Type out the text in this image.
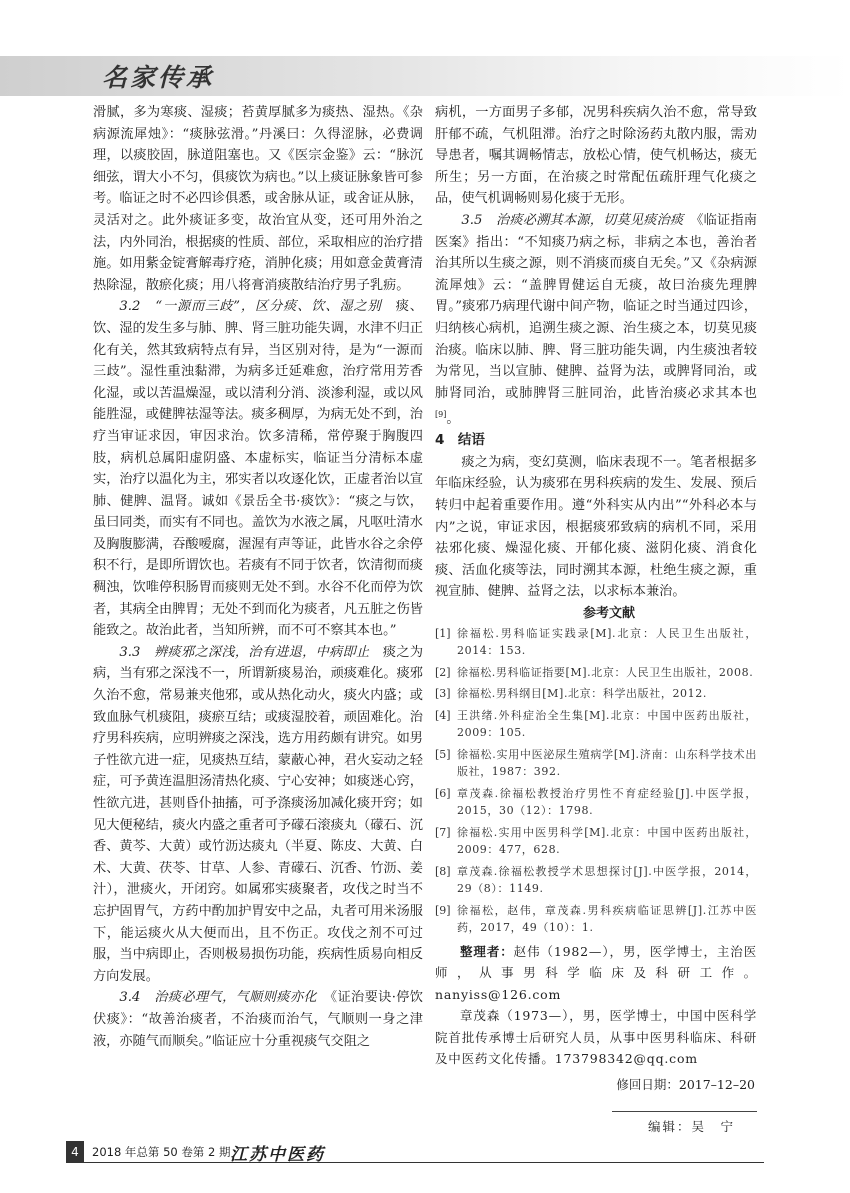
名家传承

滑腻，多为寒痰、湿痰；苔黄厚腻多为痰热、湿热。《杂病源流犀烛》：“痰脉弦滑。”丹溪曰：久得涩脉，必费调理，以痰胶固，脉道阻塞也。又《医宗金鉴》云：“脉沉细弦，谓大小不匀，俱痰饮为病也。”以上痰证脉象皆可参考。临证之时不必四诊俱悉，或舍脉从证，或舍证从脉，灵活对之。此外痰证多变，故治宜从变，还可用外治之法，内外同治，根据痰的性质、部位，采取相应的治疗措施。如用紫金锭膏解毒疗疮，消肿化痰；用如意金黄膏清热除湿，散瘀化痰；用八将膏消痰散结治疗男子乳疬。

3.2　“一源而三歧”，区分痰、饮、湿之别　 痰、饮、湿的发生多与肺、脾、肾三脏功能失调，水津不归正化有关，然其致病特点有异，当区别对待，是为“一源而三歧”。湿性重浊黏滞，为病多迁延难愈，治疗常用芳香化湿，或以苦温燥湿，或以清利分消、淡渗利湿，或以风能胜湿，或健脾祛湿等法。痰多稠厚，为病无处不到，治疗当审证求因，审因求治。饮多清稀，常停聚于胸腹四肢，病机总属阳虚阴盛、本虚标实，临证当分清标本虚实，治疗以温化为主，邪实者以攻逐化饮，正虚者治以宣肺、健脾、温肾。诚如《景岳全书·痰饮》：“痰之与饮，虽曰同类，而实有不同也。盖饮为水液之属，凡呕吐清水及胸腹膨满，吞酸嗳腐，渥渥有声等证，此皆水谷之余停积不行，是即所谓饮也。若痰有不同于饮者，饮清彻而痰稠浊，饮唯停积肠胃而痰则无处不到。水谷不化而停为饮者，其病全由脾胃；无处不到而化为痰者，凡五脏之伤皆能致之。故治此者，当知所辨，而不可不察其本也。”

3.3　辨痰邪之深浅，治有进退，中病即止　 痰之为病，当有邪之深浅不一，所谓新痰易治，顽痰难化。痰邪久治不愈，常易兼夹他邪，或从热化动火，痰火内盛；或致血脉气机痰阻，痰瘀互结；或痰湿胶着，顽固难化。治疗男科疾病，应明辨痰之深浅，选方用药颇有讲究。如男子性欲亢进一症，见痰热互结，蒙蔽心神，君火妄动之轻症，可予黄连温胆汤清热化痰、宁心安神；如痰迷心窍，性欲亢进，甚则昏仆抽搐，可予涤痰汤加减化痰开窍；如见大便秘结，痰火内盛之重者可予礞石滚痰丸（礞石、沉香、黄芩、大黄）或竹沥达痰丸（半夏、陈皮、大黄、白术、大黄、茯苓、甘草、人参、青礞石、沉香、竹沥、姜汁），泄痰火，开闭窍。如属邪实痰聚者，攻伐之时当不忘护固胃气，方药中酌加护胃安中之品，丸者可用米汤服下，能运痰火从大便而出，且不伤正。攻伐之剂不可过服，当中病即止，否则极易损伤功能，疾病性质易向相反方向发展。

3.4　治痰必理气，气顺则痰亦化　 《证治要诀·停饮伏痰》：“故善治痰者，不治痰而治气，气顺则一身之津液，亦随气而顺矣。”临证应十分重视痰气交阻之

病机，一方面男子多郁，况男科疾病久治不愈，常导致肝郁不疏，气机阻滞。治疗之时除汤药丸散内服，需劝导患者，嘱其调畅情志，放松心情，使气机畅达，痰无所生；另一方面，在治痰之时常配伍疏肝理气化痰之品，使气机调畅则易化痰于无形。

3.5　治痰必溯其本源，切莫见痰治痰　 《临证指南医案》指出：“不知痰乃病之标，非病之本也，善治者治其所以生痰之源，则不消痰而痰自无矣。”又《杂病源流犀烛》云：“盖脾胃健运自无痰，故曰治痰先理脾胃。”痰邪乃病理代谢中间产物，临证之时当通过四诊，归纳核心病机，追溯生痰之源、治生痰之本，切莫见痰治痰。临床以肺、脾、肾三脏功能失调，内生痰浊者较为常见，当以宣肺、健脾、益肾为法，或脾肾同治，或肺肾同治，或肺脾肾三脏同治，此皆治痰必求其本也[9]。

4　结语

痰之为病，变幻莫测，临床表现不一。笔者根据多年临床经验，认为痰邪在男科疾病的发生、发展、预后转归中起着重要作用。遵“外科实从内出”“外科必本与内”之说，审证求因，根据痰邪致病的病机不同，采用祛邪化痰、燥湿化痰、开郁化痰、滋阴化痰、消食化痰、活血化痰等法，同时溯其本源，杜绝生痰之源，重视宣肺、健脾、益肾之法，以求标本兼治。

参考文献

[1] 徐福松.男科临证实践录[M].北京：人民卫生出版社，2014：153.
[2] 徐福松.男科临证指要[M].北京：人民卫生出版社，2008.
[3] 徐福松.男科纲目[M].北京：科学出版社，2012.
[4] 王洪绪.外科症治全生集[M].北京：中国中医药出版社，2009：105.
[5] 徐福松.实用中医泌尿生殖病学[M].济南：山东科学技术出版社，1987：392.
[6] 章茂森.徐福松教授治疗男性不育症经验[J].中医学报，2015，30（12）：1798.
[7] 徐福松.实用中医男科学[M].北京：中国中医药出版社，2009：477，628.
[8] 章茂森.徐福松教授学术思想探讨[J].中医学报，2014，29（8）：1149.
[9] 徐福松，赵伟，章茂森.男科疾病临证思辨[J].江苏中医药，2017，49（10）：1.

整理者：赵伟（1982—），男，医学博士，主治医师，从事男科学临床及科研工作。nanyiss@126.com

章茂森（1973—），男，医学博士，中国中医科学院首批传承博士后研究人员，从事中医男科临床、科研及中医药文化传播。173798342@qq.com

修回日期：2017–12–20
编辑：吴　宁
4	2018 年总第 50 卷第 2 期 江苏中医药
